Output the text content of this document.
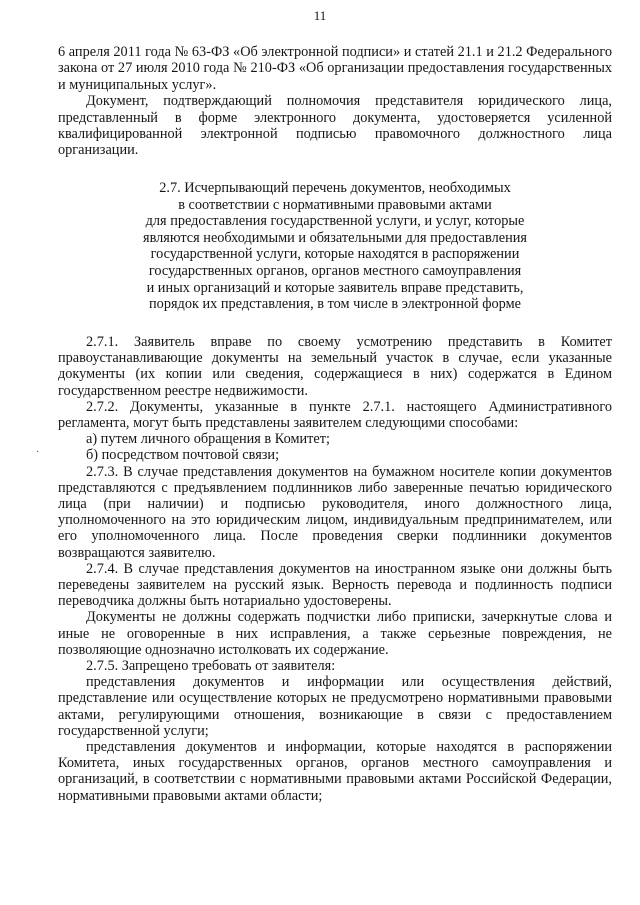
11

6 апреля 2011 года № 63-ФЗ «Об электронной подписи» и статей 21.1 и 21.2 Федерального закона от 27 июля 2010 года № 210-ФЗ «Об организации предоставления государственных и муниципальных услуг».

Документ, подтверждающий полномочия представителя юридического лица, представленный в форме электронного документа, удостоверяется усиленной квалифицированной электронной подписью правомочного должностного лица организации.

2.7. Исчерпывающий перечень документов, необходимых
в соответствии с нормативными правовыми актами
для предоставления государственной услуги, и услуг, которые
являются необходимыми и обязательными для предоставления
государственной услуги, которые находятся в распоряжении
государственных органов, органов местного самоуправления
и иных организаций и которые заявитель вправе представить,
порядок их представления, в том числе в электронной форме
·

2.7.1. Заявитель вправе по своему усмотрению представить в Комитет правоустанавливающие документы на земельный участок в случае, если указанные документы (их копии или сведения, содержащиеся в них) содержатся в Едином государственном реестре недвижимости.

2.7.2. Документы, указанные в пункте 2.7.1. настоящего Административного регламента, могут быть представлены заявителем следующими способами:

а) путем личного обращения в Комитет;

б) посредством почтовой связи;

2.7.3. В случае представления документов на бумажном носителе копии документов представляются с предъявлением подлинников либо заверенные печатью юридического лица (при наличии) и подписью руководителя, иного должностного лица, уполномоченного на это юридическим лицом, индивидуальным предпринимателем, или его уполномоченного лица. После проведения сверки подлинники документов возвращаются заявителю.

2.7.4. В случае представления документов на иностранном языке они должны быть переведены заявителем на русский язык. Верность перевода и подлинность подписи переводчика должны быть нотариально удостоверены.

Документы не должны содержать подчистки либо приписки, зачеркнутые слова и иные не оговоренные в них исправления, а также серьезные повреждения, не позволяющие однозначно истолковать их содержание.

2.7.5. Запрещено требовать от заявителя:

представления документов и информации или осуществления действий, представление или осуществление которых не предусмотрено нормативными правовыми актами, регулирующими отношения, возникающие в связи с предоставлением государственной услуги;

представления документов и информации, которые находятся в распоряжении Комитета, иных государственных органов, органов местного самоуправления и организаций, в соответствии с нормативными правовыми актами Российской Федерации, нормативными правовыми актами области;
